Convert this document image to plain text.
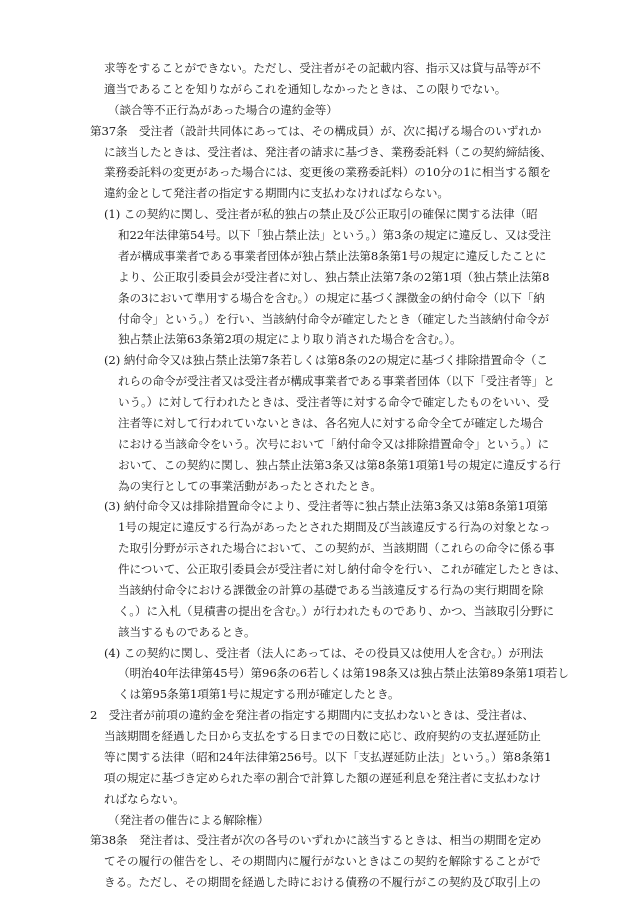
求等をすることができない。ただし、受注者がその記載内容、指示又は貸与品等が不
適当であることを知りながらこれを通知しなかったときは、この限りでない。
（談合等不正行為があった場合の違約金等）
第37条　受注者（設計共同体にあっては、その構成員）が、次に掲げる場合のいずれか
に該当したときは、受注者は、発注者の請求に基づき、業務委託料（この契約締結後、
業務委託料の変更があった場合には、変更後の業務委託料）の10分の1に相当する額を
違約金として発注者の指定する期間内に支払わなければならない。
(1) この契約に関し、受注者が私的独占の禁止及び公正取引の確保に関する法律（昭
和22年法律第54号。以下「独占禁止法」という。）第3条の規定に違反し、又は受注
者が構成事業者である事業者団体が独占禁止法第8条第1号の規定に違反したことに
より、公正取引委員会が受注者に対し、独占禁止法第7条の2第1項（独占禁止法第8
条の3において準用する場合を含む。）の規定に基づく課徴金の納付命令（以下「納
付命令」という。）を行い、当該納付命令が確定したとき（確定した当該納付命令が
独占禁止法第63条第2項の規定により取り消された場合を含む。）。
(2) 納付命令又は独占禁止法第7条若しくは第8条の2の規定に基づく排除措置命令（こ
れらの命令が受注者又は受注者が構成事業者である事業者団体（以下「受注者等」と
いう。）に対して行われたときは、受注者等に対する命令で確定したものをいい、受
注者等に対して行われていないときは、各名宛人に対する命令全てが確定した場合
における当該命令をいう。次号において「納付命令又は排除措置命令」という。）に
おいて、この契約に関し、独占禁止法第3条又は第8条第1項第1号の規定に違反する行
為の実行としての事業活動があったとされたとき。
(3) 納付命令又は排除措置命令により、受注者等に独占禁止法第3条又は第8条第1項第
1号の規定に違反する行為があったとされた期間及び当該違反する行為の対象となっ
た取引分野が示された場合において、この契約が、当該期間（これらの命令に係る事
件について、公正取引委員会が受注者に対し納付命令を行い、これが確定したときは、
当該納付命令における課徴金の計算の基礎である当該違反する行為の実行期間を除
く。）に入札（見積書の提出を含む。）が行われたものであり、かつ、当該取引分野に
該当するものであるとき。
(4) この契約に関し、受注者（法人にあっては、その役員又は使用人を含む。）が刑法
（明治40年法律第45号）第96条の6若しくは第198条又は独占禁止法第89条第1項若し
くは第95条第1項第1号に規定する刑が確定したとき。
2　受注者が前項の違約金を発注者の指定する期間内に支払わないときは、受注者は、
当該期間を経過した日から支払をする日までの日数に応じ、政府契約の支払遅延防止
等に関する法律（昭和24年法律第256号。以下「支払遅延防止法」という。）第8条第1
項の規定に基づき定められた率の割合で計算した額の遅延利息を発注者に支払わなけ
ればならない。
（発注者の催告による解除権）
第38条　発注者は、受注者が次の各号のいずれかに該当するときは、相当の期間を定め
てその履行の催告をし、その期間内に履行がないときはこの契約を解除することがで
きる。ただし、その期間を経過した時における債務の不履行がこの契約及び取引上の
